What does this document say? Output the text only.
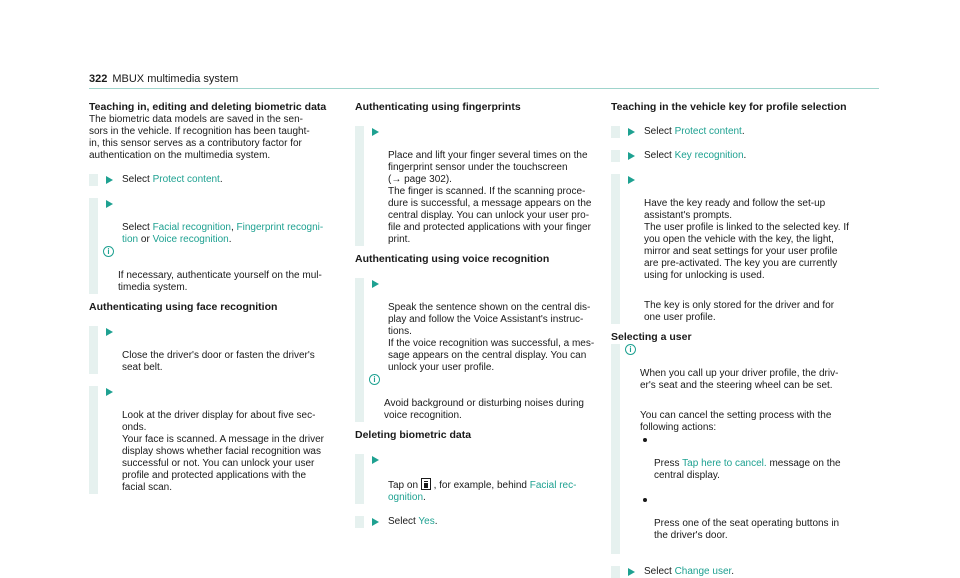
322 MBUX multimedia system
Teaching in, editing and deleting biometric data
The biometric data models are saved in the sen-
sors in the vehicle. If recognition has been taught-
in, this sensor serves as a contributory factor for
authentication on the multimedia system.
Select Protect content.

Select Facial recognition, Fingerprint recogni-
tion or Voice recognition.

i

If necessary, authenticate yourself on the mul-
timedia system.

Authenticating using face recognition

Close the driver's door or fasten the driver's
seat belt.

Look at the driver display for about five sec-
onds.
Your face is scanned. A message in the driver
display shows whether facial recognition was
successful or not. You can unlock your user
profile and protected applications with the
facial scan.

Authenticating using fingerprints

Place and lift your finger several times on the
fingerprint sensor under the touchscreen
(→ page 302).
The finger is scanned. If the scanning proce-
dure is successful, a message appears on the
central display. You can unlock your user pro-
file and protected applications with your finger
print.

Authenticating using voice recognition

Speak the sentence shown on the central dis-
play and follow the Voice Assistant's instruc-
tions.
If the voice recognition was successful, a mes-
sage appears on the central display. You can
unlock your user profile.

i

Avoid background or disturbing noises during
voice recognition.

Deleting biometric data

Tap on
, for example, behind Facial rec-
ognition.

Select Yes.
Teaching in the vehicle key for profile selection
Select Protect content.
Select Key recognition.

Have the key ready and follow the set-up
assistant's prompts.
The user profile is linked to the selected key. If
you open the vehicle with the key, the light,
mirror and seat settings for your user profile
are pre-activated. The key you are currently
using for unlocking is used.

The key is only stored for the driver and for
one user profile.

Selecting a user

i

When you call up your driver profile, the driv-
er's seat and the steering wheel can be set.

You can cancel the setting process with the
following actions:

Press Tap here to cancel. message on the
central display.

Press one of the seat operating buttons in
the driver's door.

Select Change user.
